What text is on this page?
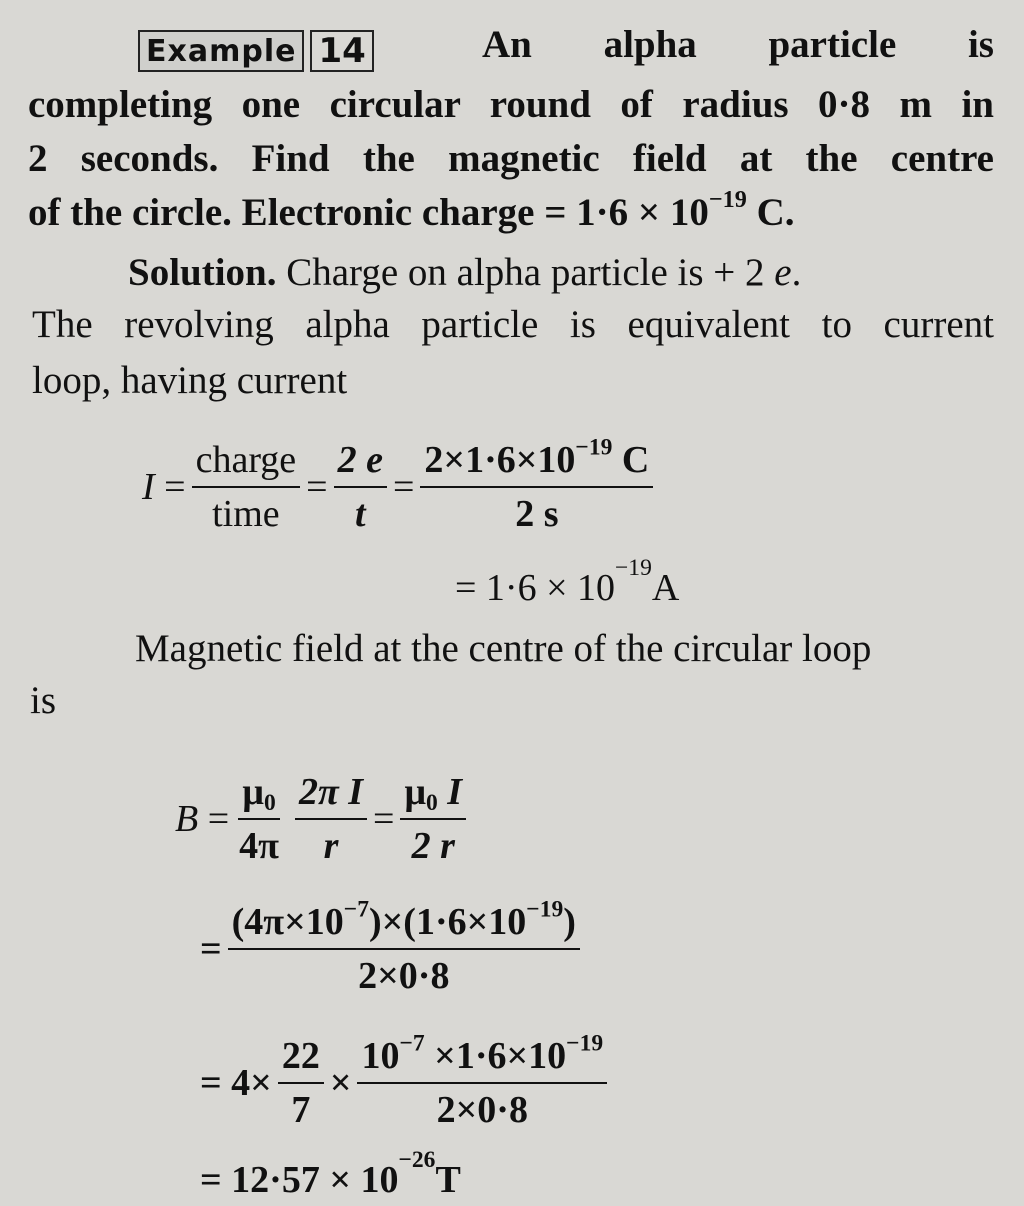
Example 14	An alpha particle is
completing one circular round of radius 0·8 m in
2 seconds. Find the magnetic field at the centre
of the circle. Electronic charge = $1\cdot 6 \times 10^{-19}$ C.
Solution. Charge on alpha particle is + 2 e.
The revolving alpha particle is equivalent to current
loop, having current
I
= $\frac{\text{charge}}{\text{time}} = \frac{2 e}{t} = \frac{2\times 1\cdot 6\times 10^{-19} C}{2 s}$
= $1\cdot 6 \times 10^{-19}$ A
Magnetic field at the centre of the circular loop
is
B
= $\frac{\mu_0}{4\pi} \frac{\text{2π I}}{r} = \frac{\mu_0 I}{2 r}$
= $\frac{(4\pi\times 10^{-7})\times(1\cdot 6\times 10^{-19})}{2\times 0\cdot 8}$
=
$4\times \frac{22}{7} \times \frac{10^{-7} \times 1\cdot 6\times 10^{-19}}{2\times 0\cdot 8}$
= $12\cdot 57 \times 10^{-26}$ T
